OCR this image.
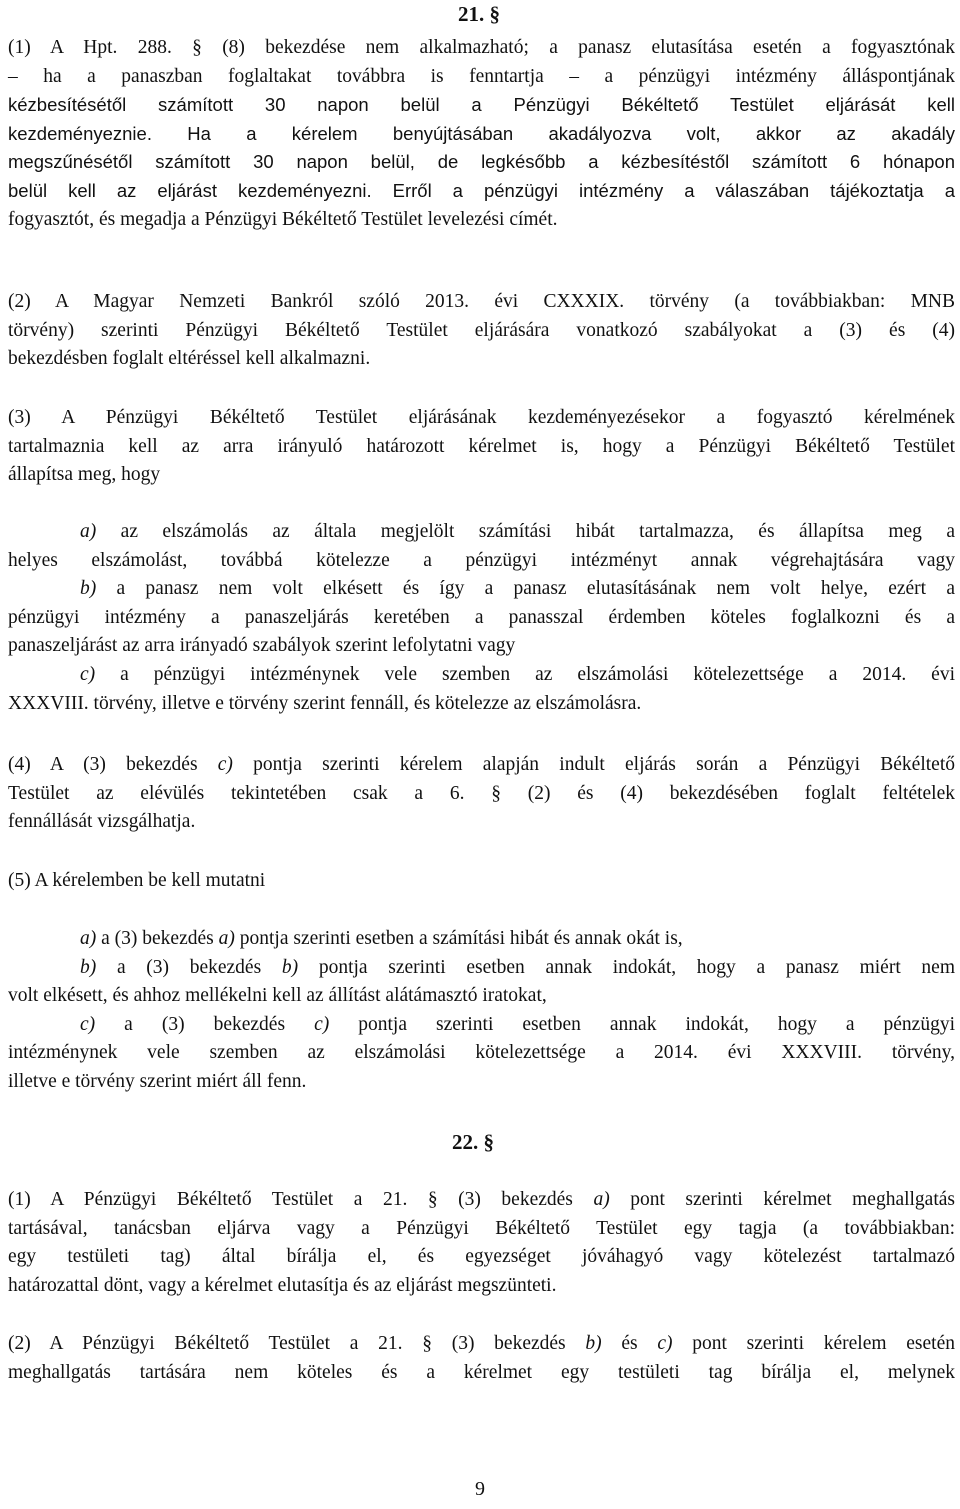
21. §
(1) A Hpt. 288. § (8) bekezdése nem alkalmazható; a panasz elutasítása esetén a fogyasztónak
– ha a panaszban foglaltakat továbbra is fenntartja – a pénzügyi intézmény álláspontjának
kézbesítésétől számított 30 napon belül a Pénzügyi Békéltető Testület eljárását kell
kezdeményeznie. Ha a kérelem benyújtásában akadályozva volt, akkor az akadály
megszűnésétől számított 30 napon belül, de legkésőbb a kézbesítéstől számított 6 hónapon
belül kell az eljárást kezdeményezni. Erről a pénzügyi intézmény a válaszában tájékoztatja a
fogyasztót, és megadja a Pénzügyi Békéltető Testület levelezési címét.
(2) A Magyar Nemzeti Bankról szóló 2013. évi CXXXIX. törvény (a továbbiakban: MNB
törvény) szerinti Pénzügyi Békéltető Testület eljárására vonatkozó szabályokat a (3) és (4)
bekezdésben foglalt eltéréssel kell alkalmazni.
(3) A Pénzügyi Békéltető Testület eljárásának kezdeményezésekor a fogyasztó kérelmének
tartalmaznia kell az arra irányuló határozott kérelmet is, hogy a Pénzügyi Békéltető Testület
állapítsa meg, hogy
a) az elszámolás az általa megjelölt számítási hibát tartalmazza, és állapítsa meg a
helyes elszámolást, továbbá kötelezze a pénzügyi intézményt annak végrehajtására vagy
b) a panasz nem volt elkésett és így a panasz elutasításának nem volt helye, ezért a
pénzügyi intézmény a panaszeljárás keretében a panasszal érdemben köteles foglalkozni és a
panaszeljárást az arra irányadó szabályok szerint lefolytatni vagy
c) a pénzügyi intézménynek vele szemben az elszámolási kötelezettsége a 2014. évi
XXXVIII. törvény, illetve e törvény szerint fennáll, és kötelezze az elszámolásra.
(4) A (3) bekezdés c) pontja szerinti kérelem alapján indult eljárás során a Pénzügyi Békéltető
Testület az elévülés tekintetében csak a 6. § (2) és (4) bekezdésében foglalt feltételek
fennállását vizsgálhatja.
(5) A kérelemben be kell mutatni
a) a (3) bekezdés a) pontja szerinti esetben a számítási hibát és annak okát is,
b) a (3) bekezdés b) pontja szerinti esetben annak indokát, hogy a panasz miért nem
volt elkésett, és ahhoz mellékelni kell az állítást alátámasztó iratokat,
c) a (3) bekezdés c) pontja szerinti esetben annak indokát, hogy a pénzügyi
intézménynek vele szemben az elszámolási kötelezettsége a 2014. évi XXXVIII. törvény,
illetve e törvény szerint miért áll fenn.
22. §
(1) A Pénzügyi Békéltető Testület a 21. § (3) bekezdés a) pont szerinti kérelmet meghallgatás
tartásával, tanácsban eljárva vagy a Pénzügyi Békéltető Testület egy tagja (a továbbiakban:
egy testületi tag) által bírálja el, és egyezséget jóváhagyó vagy kötelezést tartalmazó
határozattal dönt, vagy a kérelmet elutasítja és az eljárást megszünteti.
(2) A Pénzügyi Békéltető Testület a 21. § (3) bekezdés b) és c) pont szerinti kérelem esetén
meghallgatás tartására nem köteles és a kérelmet egy testületi tag bírálja el, melynek
9
